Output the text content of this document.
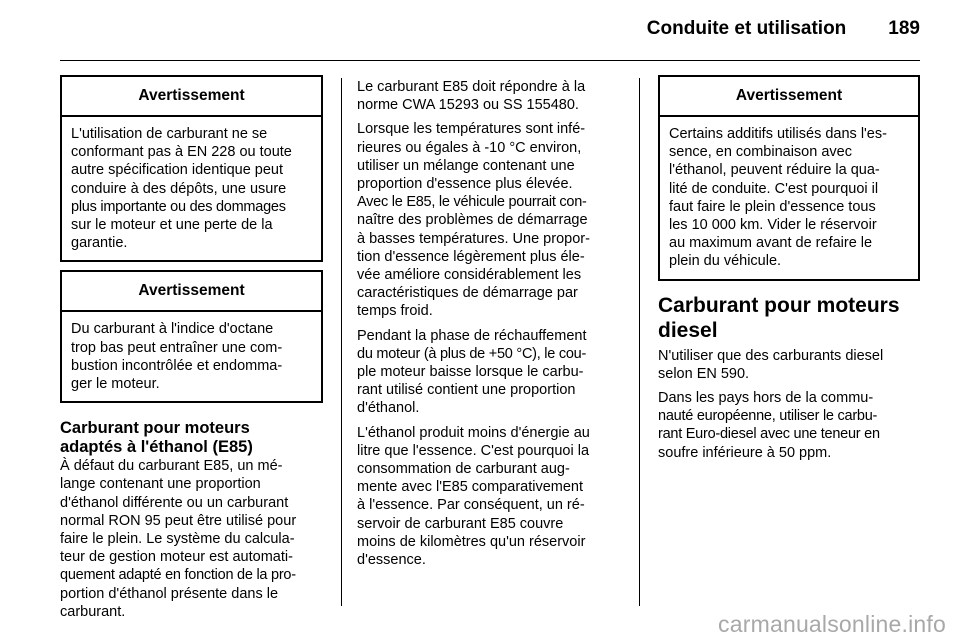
Conduite et utilisation 189
Avertissement
L'utilisation de carburant ne se
conformant pas à EN 228 ou toute
autre spécification identique peut
conduire à des dépôts, une usure
plus importante ou des dommages
sur le moteur et une perte de la
garantie.
Avertissement
Du carburant à l'indice d'octane
trop bas peut entraîner une com-
bustion incontrôlée et endomma-
ger le moteur.
Carburant pour moteurs
adaptés à l'éthanol (E85)
À défaut du carburant E85, un mé-
lange contenant une proportion
d'éthanol différente ou un carburant
normal RON 95 peut être utilisé pour
faire le plein. Le système du calcula-
teur de gestion moteur est automati-
quement adapté en fonction de la pro-
portion d'éthanol présente dans le
carburant.
Le carburant E85 doit répondre à la
norme CWA 15293 ou SS 155480.
Lorsque les températures sont infé-
rieures ou égales à -10 °C environ,
utiliser un mélange contenant une
proportion d'essence plus élevée.
Avec le E85, le véhicule pourrait con-
naître des problèmes de démarrage
à basses températures. Une propor-
tion d'essence légèrement plus éle-
vée améliore considérablement les
caractéristiques de démarrage par
temps froid.
Pendant la phase de réchauffement
du moteur (à plus de +50 °C), le cou-
ple moteur baisse lorsque le carbu-
rant utilisé contient une proportion
d'éthanol.
L'éthanol produit moins d'énergie au
litre que l'essence. C'est pourquoi la
consommation de carburant aug-
mente avec l'E85 comparativement
à l'essence. Par conséquent, un ré-
servoir de carburant E85 couvre
moins de kilomètres qu'un réservoir
d'essence.
Avertissement
Certains additifs utilisés dans l'es-
sence, en combinaison avec
l'éthanol, peuvent réduire la qua-
lité de conduite. C'est pourquoi il
faut faire le plein d'essence tous
les 10 000 km. Vider le réservoir
au maximum avant de refaire le
plein du véhicule.
Carburant pour moteurs
diesel
N'utiliser que des carburants diesel
selon EN 590.
Dans les pays hors de la commu-
nauté européenne, utiliser le carbu-
rant Euro-diesel avec une teneur en
soufre inférieure à 50 ppm.
carmanualsonline.info
